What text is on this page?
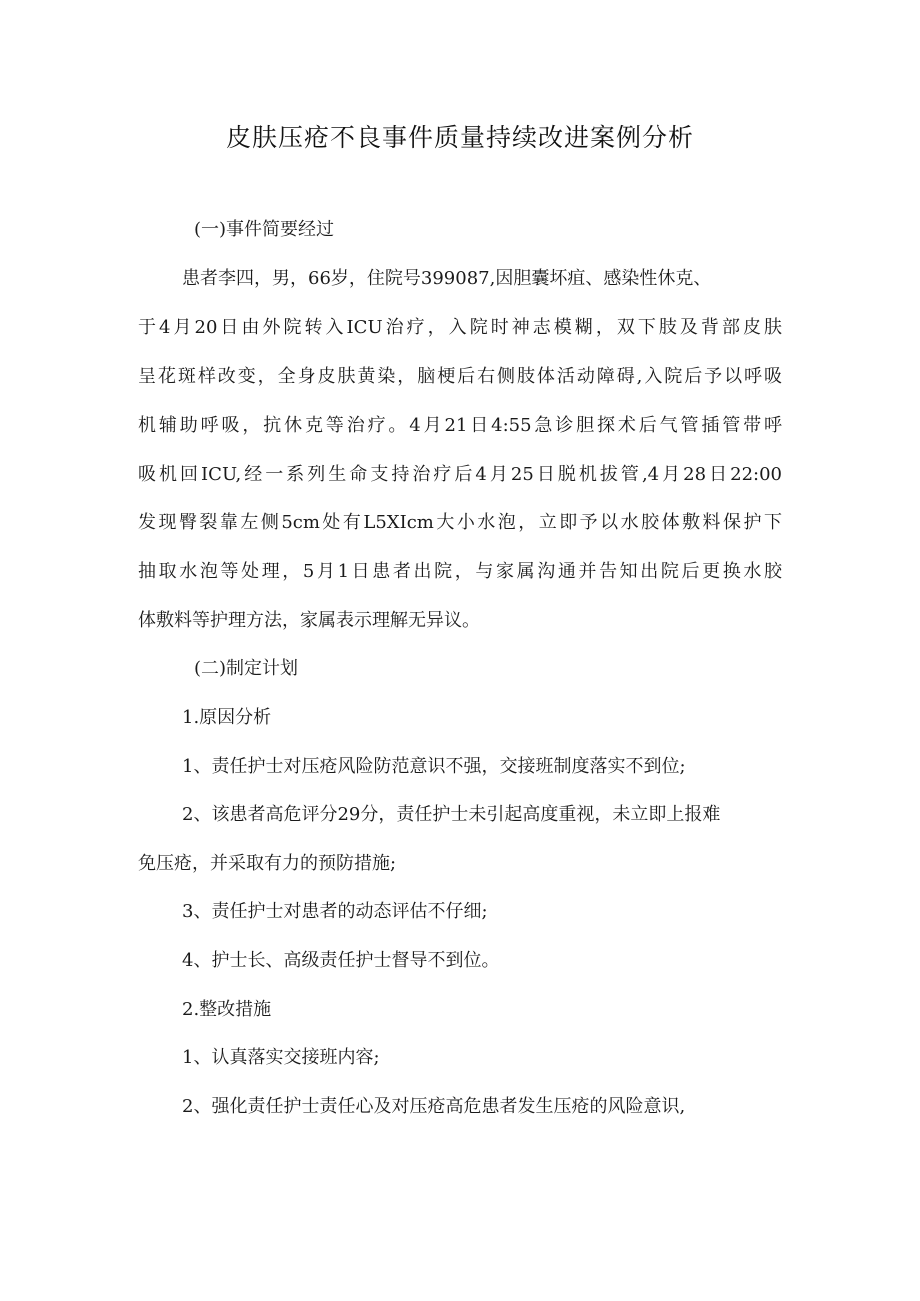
皮肤压疮不良事件质量持续改进案例分析

(一)事件简要经过

患者李四，男，66岁，住院号399087,因胆囊坏疽、感染性休克、

于4月20日由外院转入ICU治疗，入院时神志模糊，双下肢及背部皮肤

呈花斑样改变，全身皮肤黄染，脑梗后右侧肢体活动障碍,入院后予以呼吸

机辅助呼吸，抗休克等治疗。4月21日4:55急诊胆探术后气管插管带呼

吸机回ICU,经一系列生命支持治疗后4月25日脱机拔管,4月28日22:00

发现臀裂靠左侧5cm处有L5XIcm大小水泡，立即予以水胶体敷料保护下

抽取水泡等处理，5月1日患者出院，与家属沟通并告知出院后更换水胶

体敷料等护理方法，家属表示理解无异议。

(二)制定计划

1.原因分析

1、责任护士对压疮风险防范意识不强，交接班制度落实不到位;

2、该患者高危评分29分，责任护士未引起高度重视，未立即上报难

免压疮，并采取有力的预防措施;

3、责任护士对患者的动态评估不仔细;

4、护士长、高级责任护士督导不到位。

2.整改措施

1、认真落实交接班内容;

2、强化责任护士责任心及对压疮高危患者发生压疮的风险意识,
